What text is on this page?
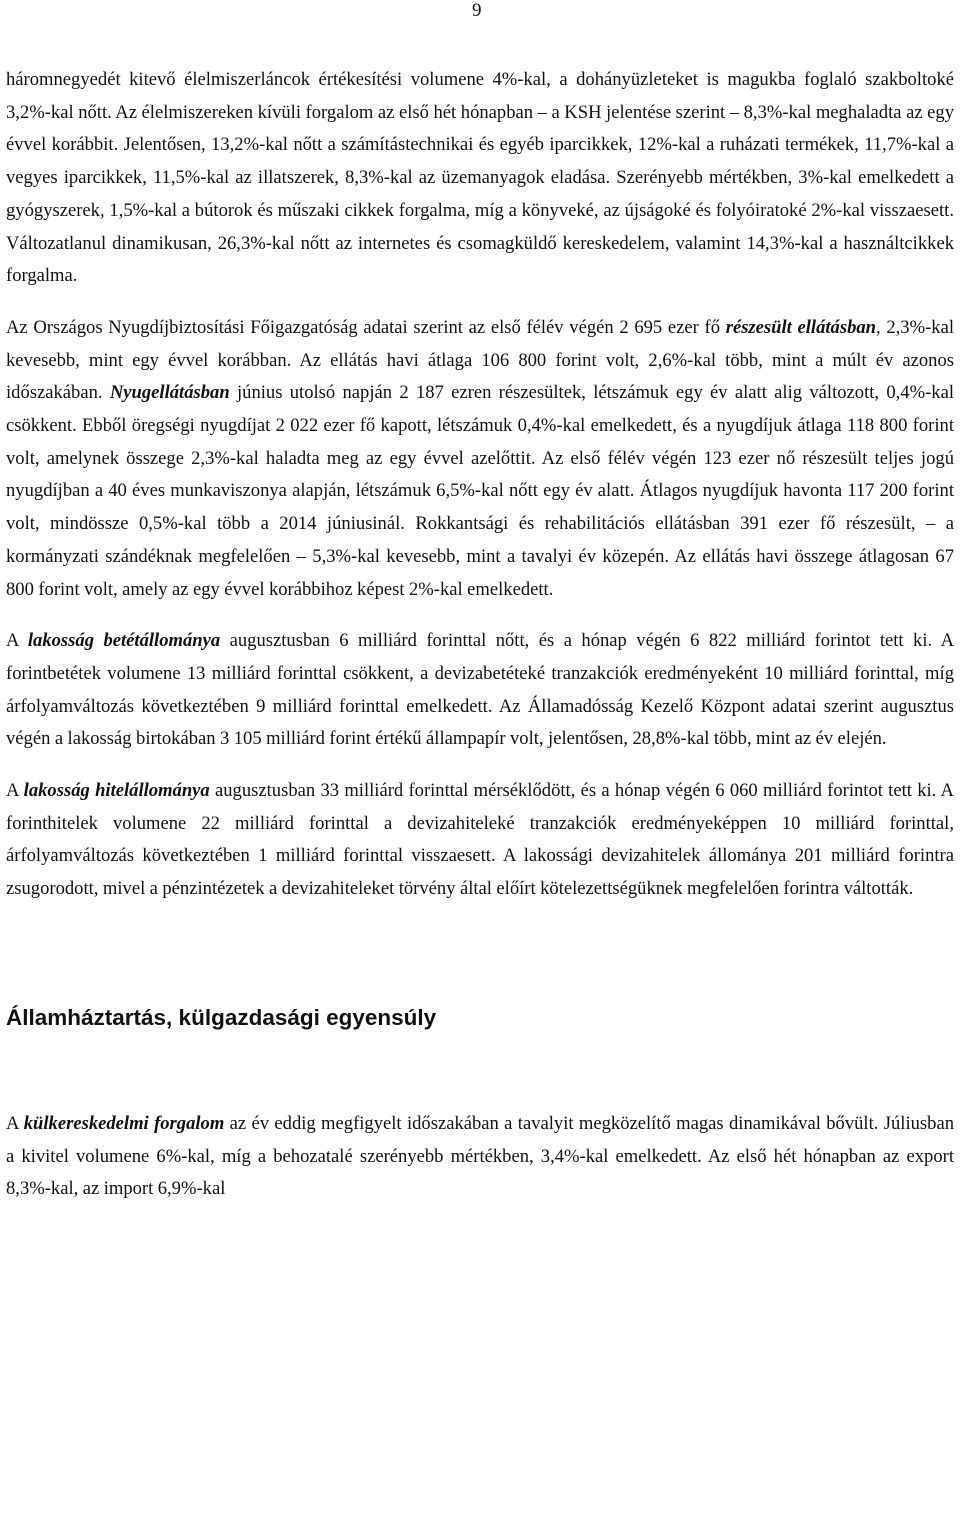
9

háromnegyedét kitevő élelmiszerláncok értékesítési volumene 4%-kal, a dohányüzleteket is magukba foglaló szakboltoké 3,2%-kal nőtt. Az élelmiszereken kívüli forgalom az első hét hónapban – a KSH jelentése szerint – 8,3%-kal meghaladta az egy évvel korábbit. Jelentősen, 13,2%-kal nőtt a számítástechnikai és egyéb iparcikkek, 12%-kal a ruházati termékek, 11,7%-kal a vegyes iparcikkek, 11,5%-kal az illatszerek, 8,3%-kal az üzemanyagok eladása. Szerényebb mértékben, 3%-kal emelkedett a gyógyszerek, 1,5%-kal a bútorok és műszaki cikkek forgalma, míg a könyveké, az újságoké és folyóiratoké 2%-kal visszaesett. Változatlanul dinamikusan, 26,3%-kal nőtt az internetes és csomagküldő kereskedelem, valamint 14,3%-kal a használtcikkek forgalma.

Az Országos Nyugdíjbiztosítási Főigazgatóság adatai szerint az első félév végén 2 695 ezer fő részesült ellátásban, 2,3%-kal kevesebb, mint egy évvel korábban. Az ellátás havi átlaga 106 800 forint volt, 2,6%-kal több, mint a múlt év azonos időszakában. Nyugellátásban június utolsó napján 2 187 ezren részesültek, létszámuk egy év alatt alig változott, 0,4%-kal csökkent. Ebből öregségi nyugdíjat 2 022 ezer fő kapott, létszámuk 0,4%-kal emelkedett, és a nyugdíjuk átlaga 118 800 forint volt, amelynek összege 2,3%-kal haladta meg az egy évvel azelőttit. Az első félév végén 123 ezer nő részesült teljes jogú nyugdíjban a 40 éves munkaviszonya alapján, létszámuk 6,5%-kal nőtt egy év alatt. Átlagos nyugdíjuk havonta 117 200 forint volt, mindössze 0,5%-kal több a 2014 júniusinál. Rokkantsági és rehabilitációs ellátásban 391 ezer fő részesült, – a kormányzati szándéknak megfelelően – 5,3%-kal kevesebb, mint a tavalyi év közepén. Az ellátás havi összege átlagosan 67 800 forint volt, amely az egy évvel korábbihoz képest 2%-kal emelkedett.

A lakosság betétállománya augusztusban 6 milliárd forinttal nőtt, és a hónap végén 6 822 milliárd forintot tett ki. A forintbetétek volumene 13 milliárd forinttal csökkent, a devizabetéteké tranzakciók eredményeként 10 milliárd forinttal, míg árfolyamváltozás következtében 9 milliárd forinttal emelkedett. Az Államadósság Kezelő Központ adatai szerint augusztus végén a lakosság birtokában 3 105 milliárd forint értékű állampapír volt, jelentősen, 28,8%-kal több, mint az év elején.

A lakosság hitelállománya augusztusban 33 milliárd forinttal mérséklődött, és a hónap végén 6 060 milliárd forintot tett ki. A forinthitelek volumene 22 milliárd forinttal a devizahiteleké tranzakciók eredményeképpen 10 milliárd forinttal, árfolyamváltozás következtében 1 milliárd forinttal visszaesett. A lakossági devizahitelek állománya 201 milliárd forintra zsugorodott, mivel a pénzintézetek a devizahiteleket törvény által előírt kötelezettségüknek megfelelően forintra váltották.

Államháztartás, külgazdasági egyensúly

A külkereskedelmi forgalom az év eddig megfigyelt időszakában a tavalyit megközelítő magas dinamikával bővült. Júliusban a kivitel volumene 6%-kal, míg a behozatalé szerényebb mértékben, 3,4%-kal emelkedett. Az első hét hónapban az export 8,3%-kal, az import 6,9%-kal
